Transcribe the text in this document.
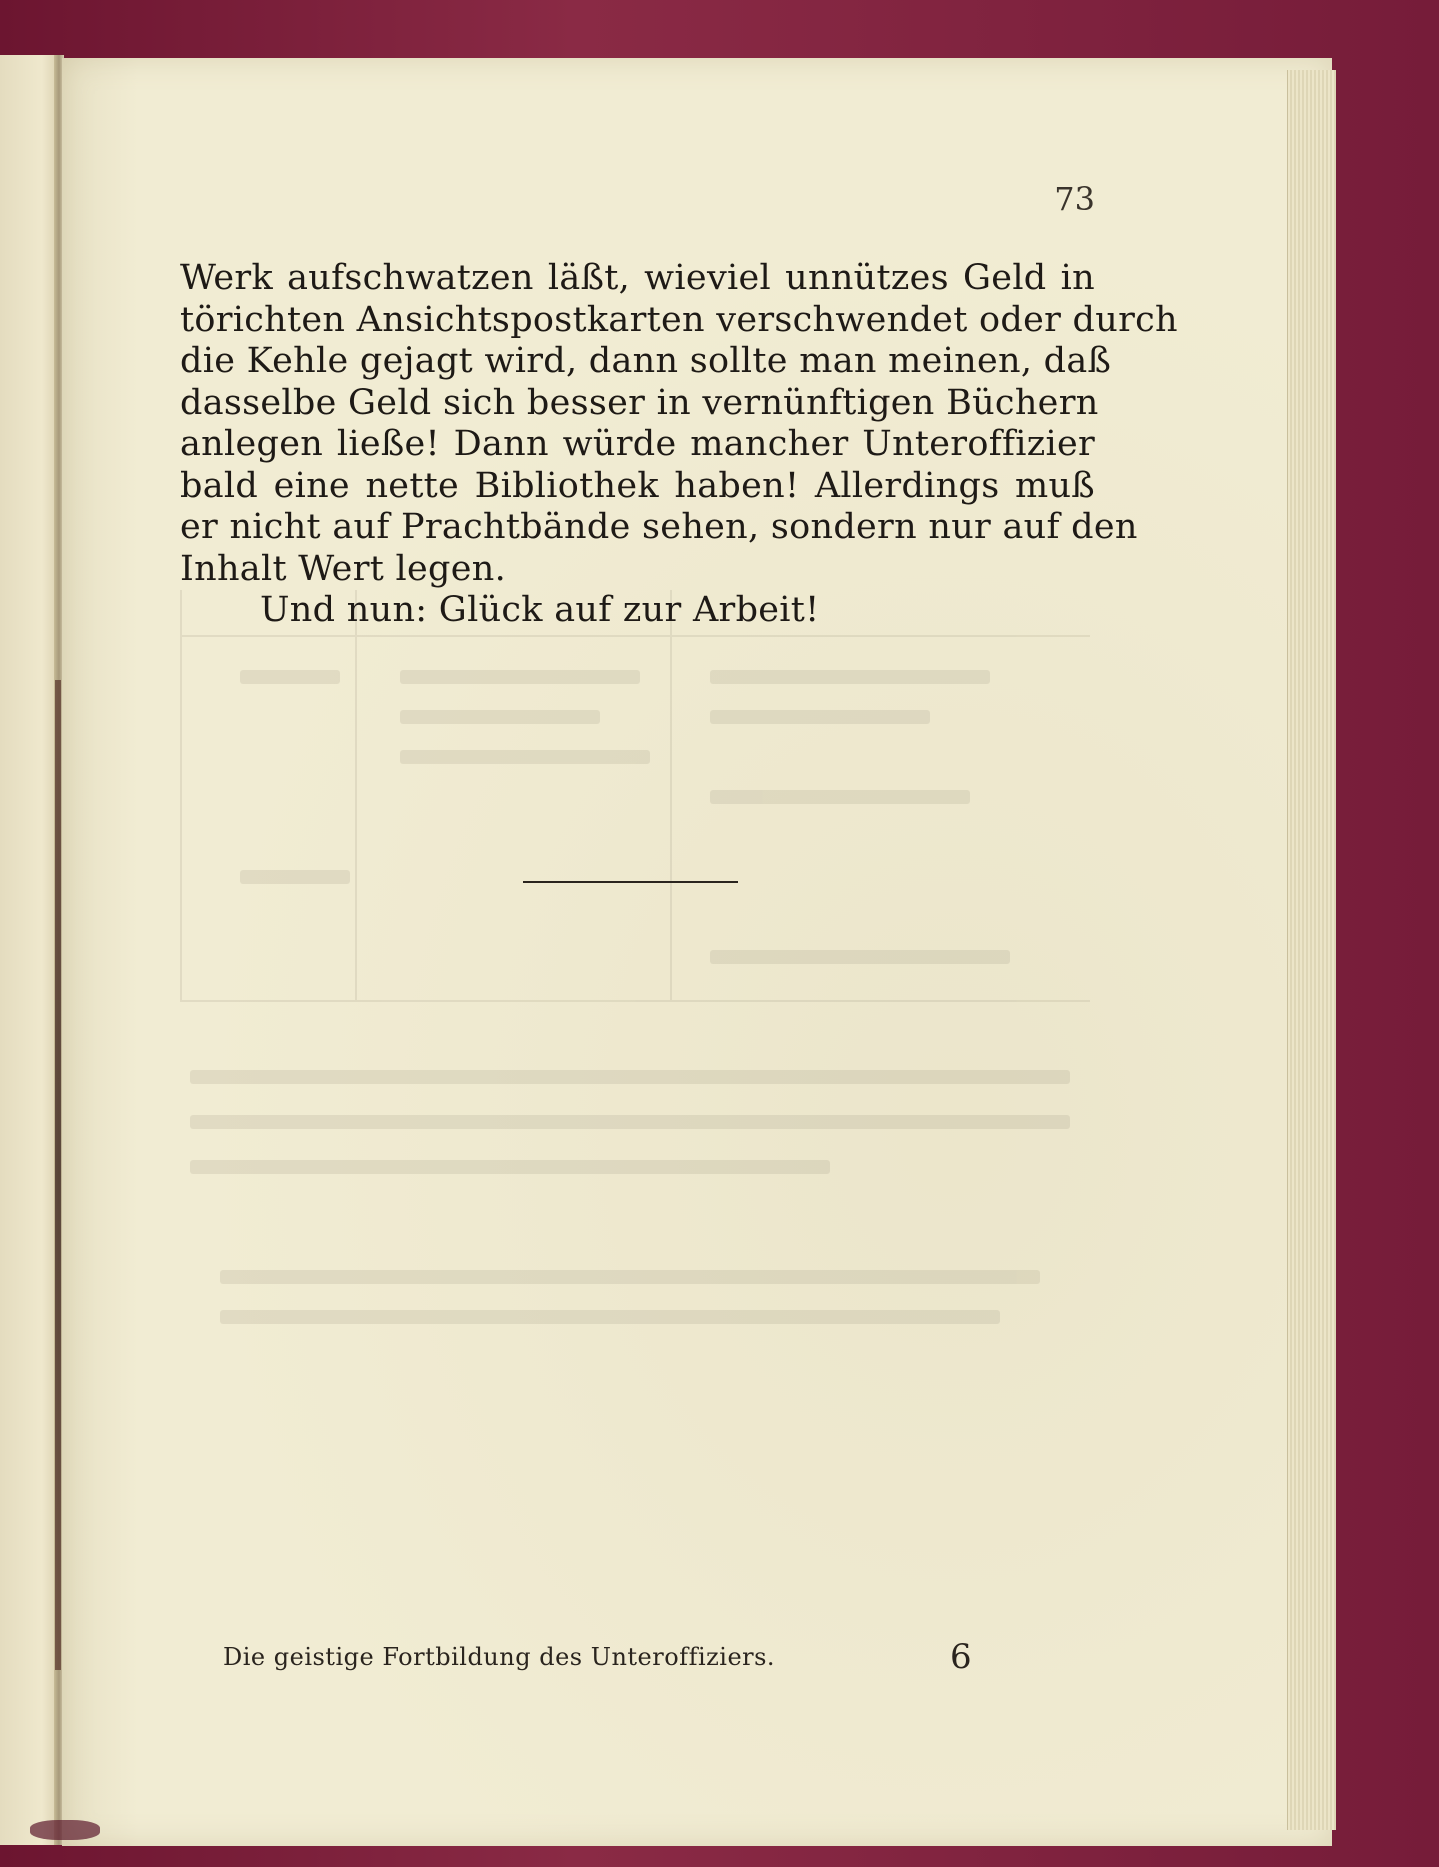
73
Werk aufschwatzen läßt, wieviel unnützes Geld in
törichten Ansichtspostkarten verschwendet oder durch
die Kehle gejagt wird, dann sollte man meinen, daß
dasselbe Geld sich besser in vernünftigen Büchern
anlegen ließe! Dann würde mancher Unteroffizier
bald eine nette Bibliothek haben! Allerdings muß
er nicht auf Prachtbände sehen, sondern nur auf den
Inhalt Wert legen.
Und nun: Glück auf zur Arbeit!
Die geistige Fortbildung des Unteroffiziers.	6
